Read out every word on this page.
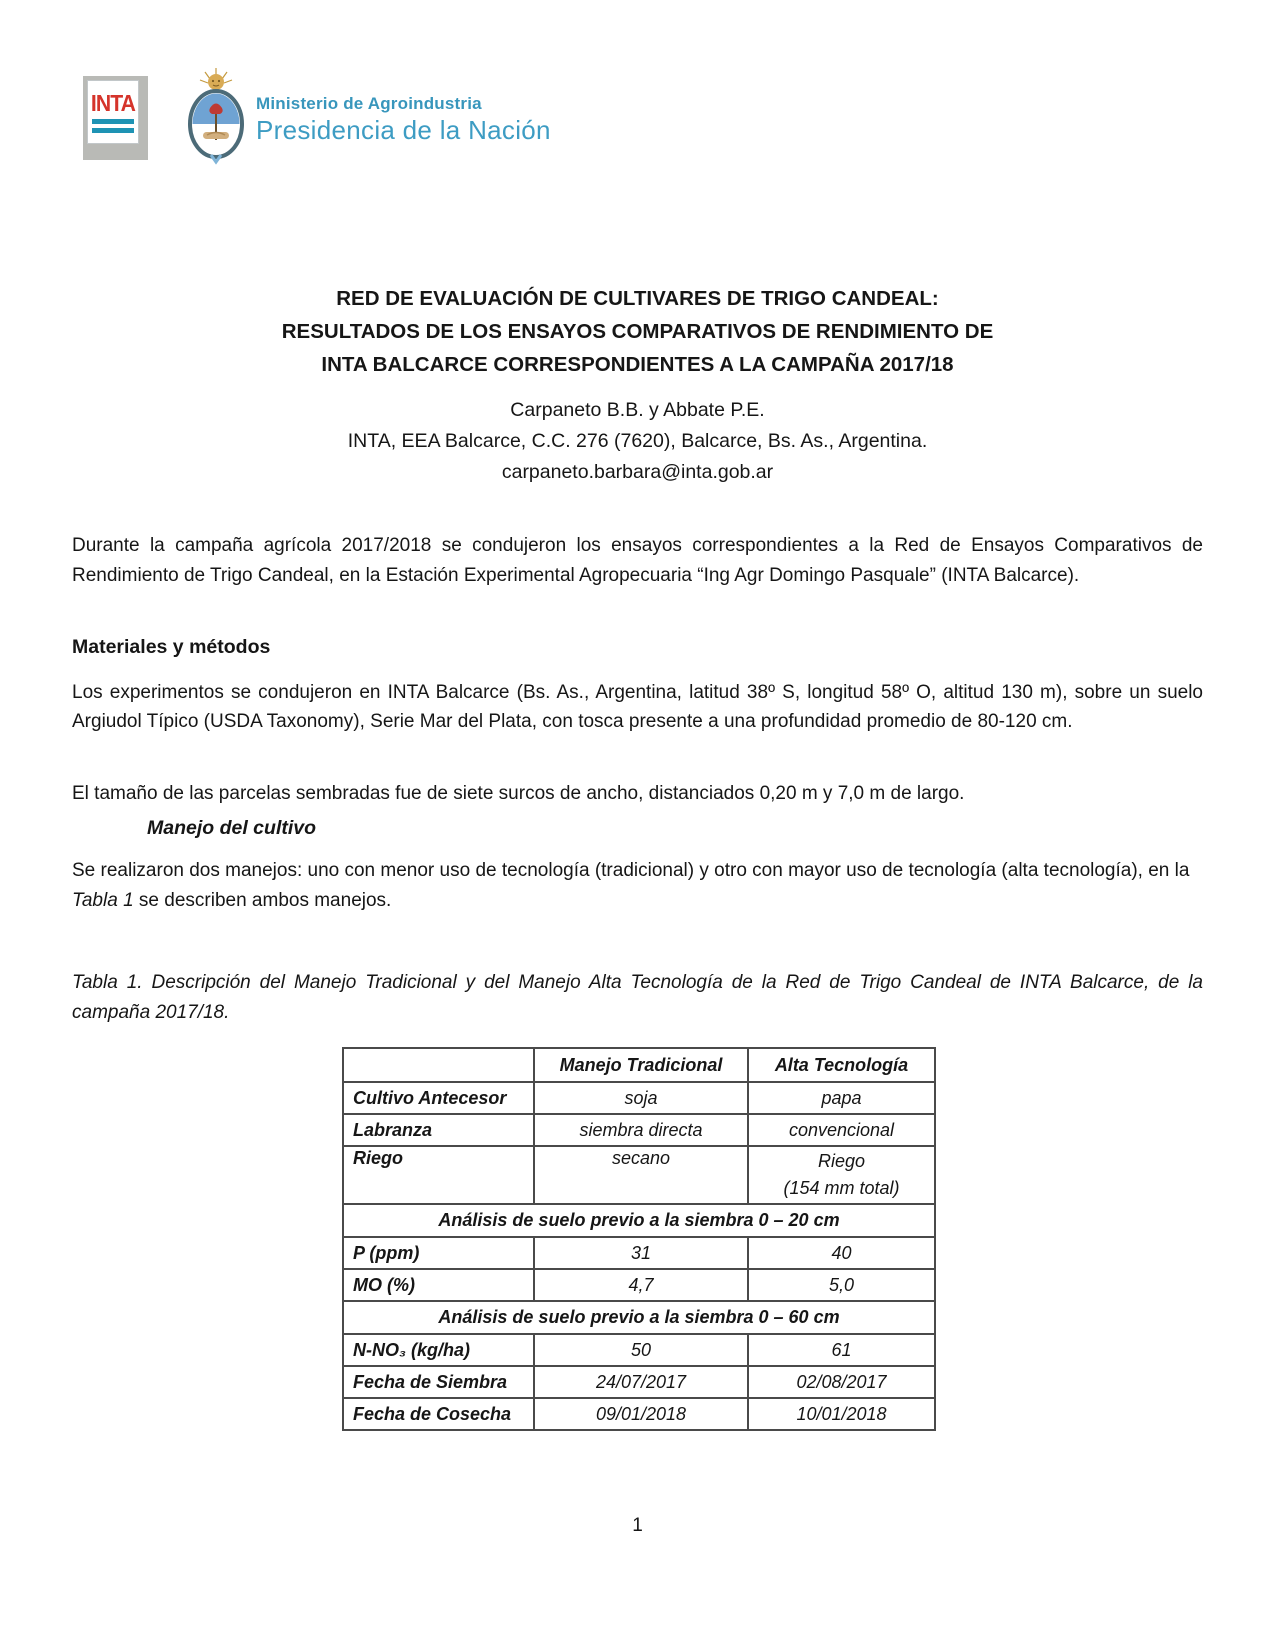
INTA	Ministerio de Agroindustria
Presidencia de la Nación
RED DE EVALUACIÓN DE CULTIVARES DE TRIGO CANDEAL:
RESULTADOS DE LOS ENSAYOS COMPARATIVOS DE RENDIMIENTO DE
INTA BALCARCE CORRESPONDIENTES A LA CAMPAÑA 2017/18
Carpaneto B.B. y Abbate P.E.
INTA, EEA Balcarce, C.C. 276 (7620), Balcarce, Bs. As., Argentina.
carpaneto.barbara@inta.gob.ar

Durante la campaña agrícola 2017/2018 se condujeron los ensayos correspondientes a la Red de Ensayos Comparativos de Rendimiento de Trigo Candeal, en la Estación Experimental Agropecuaria “Ing Agr Domingo Pasquale” (INTA Balcarce).

Materiales y métodos

Los experimentos se condujeron en INTA Balcarce (Bs. As., Argentina, latitud 38º S, longitud 58º O, altitud 130 m), sobre un suelo Argiudol Típico (USDA Taxonomy), Serie Mar del Plata, con tosca presente a una profundidad promedio de 80-120 cm.

El tamaño de las parcelas sembradas fue de siete surcos de ancho, distanciados 0,20 m y 7,0 m de largo.

Manejo del cultivo

Se realizaron dos manejos: uno con menor uso de tecnología (tradicional) y otro con mayor uso de tecnología (alta tecnología), en la Tabla 1 se describen ambos manejos.

Tabla 1. Descripción del Manejo Tradicional y del Manejo Alta Tecnología de la Red de Trigo Candeal de INTA Balcarce, de la campaña 2017/18.

	Manejo Tradicional	Alta Tecnología
Cultivo Antecesor	soja	papa
Labranza	siembra directa	convencional
Riego	secano	Riego
(154 mm total)

Análisis de suelo previo a la siembra 0 – 20 cm		
P (ppm)	31	40
MO (%)	4,7	5,0
Análisis de suelo previo a la siembra 0 – 60 cm		
N-NO₃ (kg/ha)	50	61
Fecha de Siembra	24/07/2017	02/08/2017
Fecha de Cosecha	09/01/2018	10/01/2018
1
